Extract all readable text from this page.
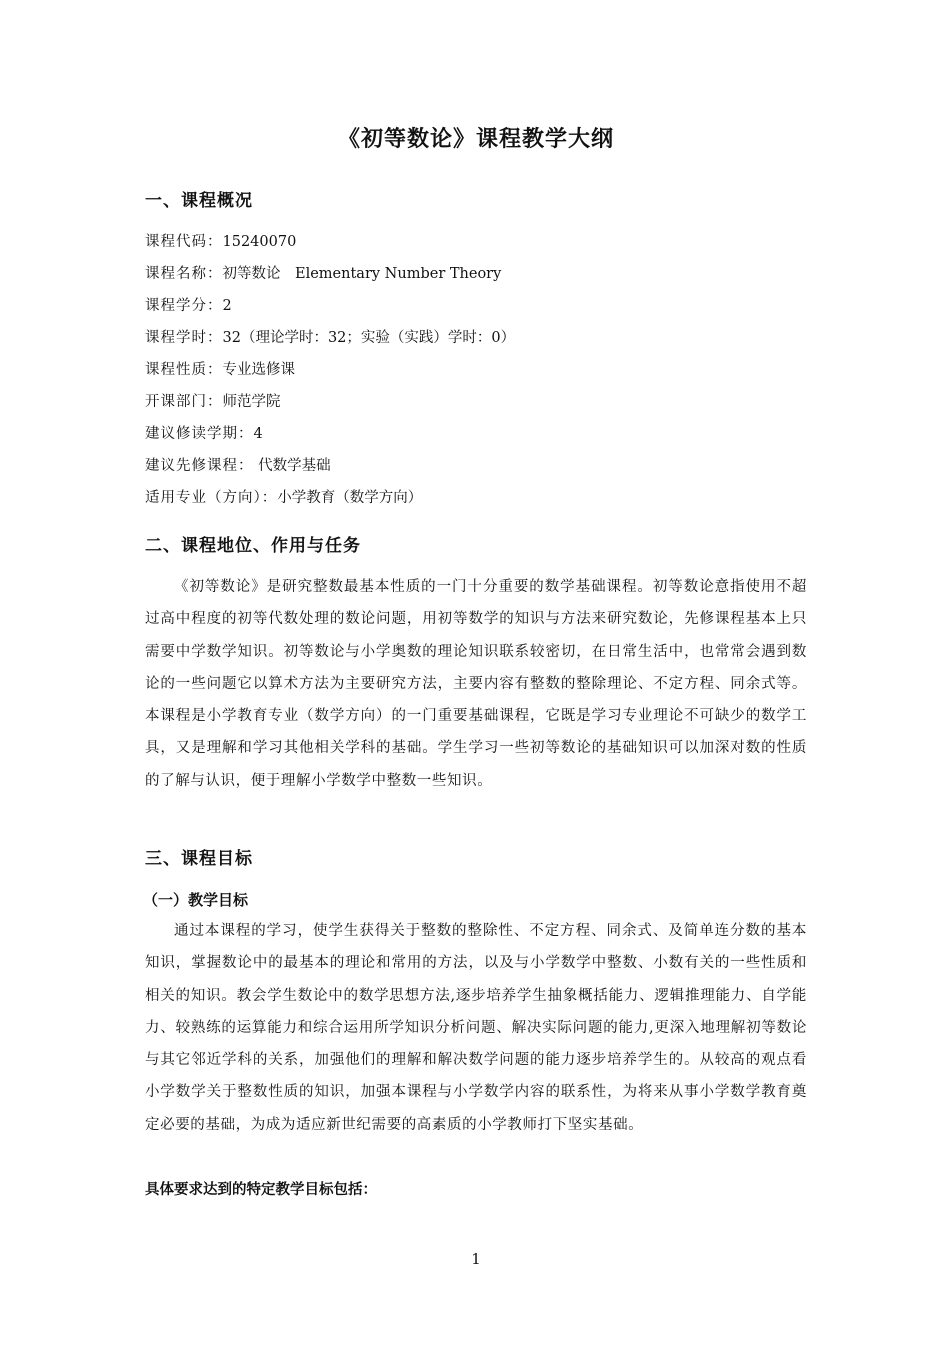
《初等数论》课程教学大纲
一、课程概况
课程代码：15240070
课程名称：初等数论　Elementary Number Theory
课程学分：2
课程学时：32（理论学时：32；实验（实践）学时：0）
课程性质：专业选修课
开课部门：师范学院
建议修读学期：4
建议先修课程： 代数学基础
适用专业（方向）：小学教育（数学方向）
二、课程地位、作用与任务

《初等数论》是研究整数最基本性质的一门十分重要的数学基础课程。初等数论意指使用不超过高中程度的初等代数处理的数论问题，用初等数学的知识与方法来研究数论，先修课程基本上只需要中学数学知识。初等数论与小学奥数的理论知识联系较密切，在日常生活中，也常常会遇到数论的一些问题它以算术方法为主要研究方法，主要内容有整数的整除理论、不定方程、同余式等。本课程是小学教育专业（数学方向）的一门重要基础课程，它既是学习专业理论不可缺少的数学工具，又是理解和学习其他相关学科的基础。学生学习一些初等数论的基础知识可以加深对数的性质的了解与认识，便于理解小学数学中整数一些知识。

三、课程目标
（一）教学目标

通过本课程的学习，使学生获得关于整数的整除性、不定方程、同余式、及简单连分数的基本知识，掌握数论中的最基本的理论和常用的方法，以及与小学数学中整数、小数有关的一些性质和相关的知识。教会学生数论中的数学思想方法,逐步培养学生抽象概括能力、逻辑推理能力、自学能力、较熟练的运算能力和综合运用所学知识分析问题、解决实际问题的能力,更深入地理解初等数论与其它邻近学科的关系，加强他们的理解和解决数学问题的能力逐步培养学生的。从较高的观点看小学数学关于整数性质的知识，加强本课程与小学数学内容的联系性，为将来从事小学数学教育奠定必要的基础，为成为适应新世纪需要的高素质的小学教师打下坚实基础。

具体要求达到的特定教学目标包括：
1
